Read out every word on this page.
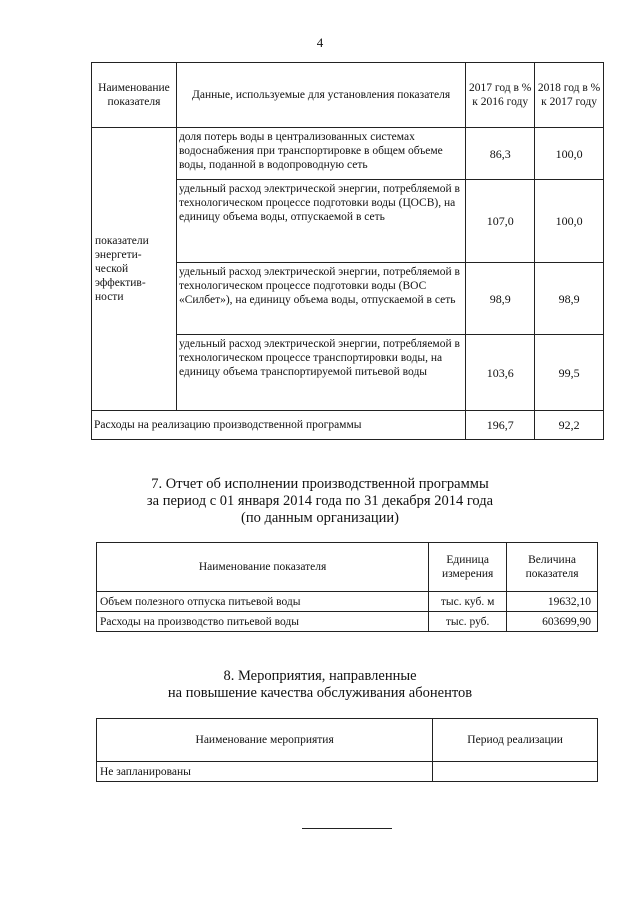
4
Наименование показателя	Данные, используемые для установления показателя	2017 год в % к 2016 году	2018 год в % к 2017 году
показатели энергети- ческой эффектив- ности	доля потерь воды в централизованных системах водоснабжения при транспортировке в общем объеме воды, поданной в водопроводную сеть	86,3	100,0
	удельный расход электрической энергии, потребляемой в технологическом процессе подготовки воды (ЦОСВ), на единицу объема воды, отпускаемой в сеть	107,0	100,0
	удельный расход электрической энергии, потребляемой в технологическом процессе подготовки воды (ВОС «Силбет»), на единицу объема воды, отпускаемой в сеть	98,9	98,9
	удельный расход электрической энергии, потребляемой в технологическом процессе транспортировки воды, на единицу объема транспортируемой питьевой воды	103,6	99,5
Расходы на реализацию производственной программы		196,7	92,2
7. Отчет об исполнении производственной программы
за период с 01 января 2014 года по 31 декабря 2014 года
(по данным организации)
Наименование показателя	Единица измерения	Величина показателя
Объем полезного отпуска питьевой воды	тыс. куб. м	19632,10
Расходы на производство питьевой воды	тыс. руб.	603699,90
8. Мероприятия, направленные
на повышение качества обслуживания абонентов
Наименование мероприятия	Период реализации
Не запланированы	
